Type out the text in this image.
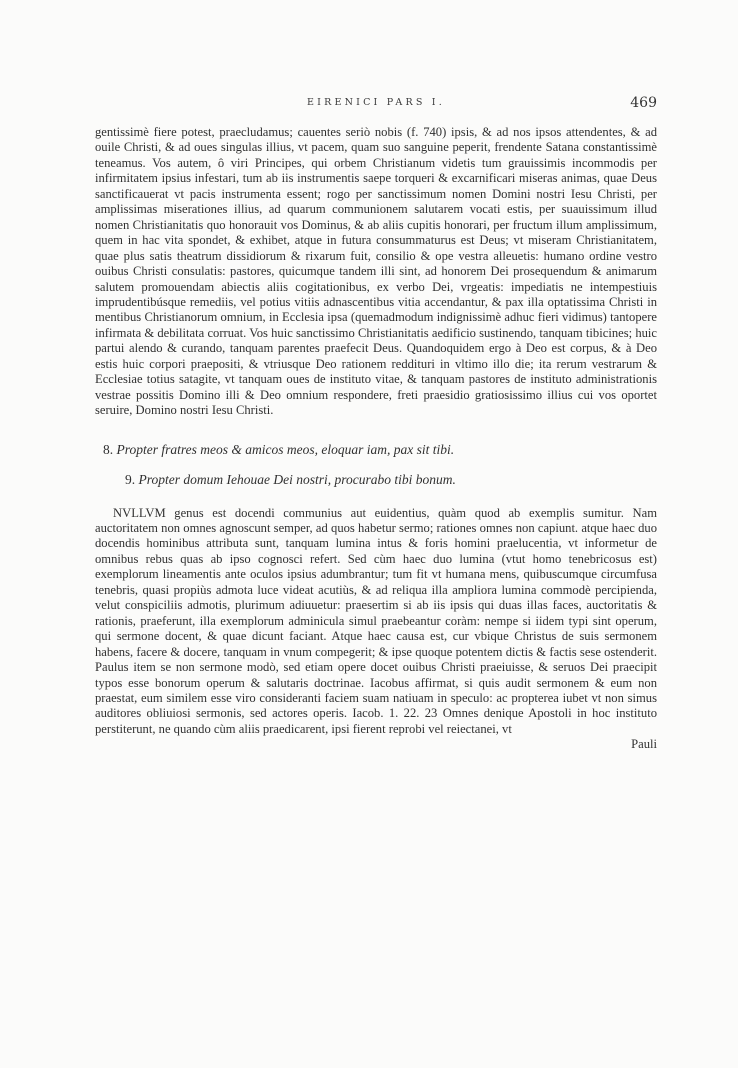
EIRENICI PARS I.	469

gentissimè fiere potest, praecludamus; cauentes seriò nobis (f. 740) ipsis, & ad nos ipsos attendentes, & ad ouile Christi, & ad oues singulas illius, vt pacem, quam suo sanguine peperit, frendente Satana constantissimè teneamus. Vos autem, ô viri Principes, qui orbem Christianum videtis tum grauissimis incommodis per infirmitatem ipsius infestari, tum ab iis instrumentis saepe torqueri & excarnificari miseras animas, quae Deus sanctificauerat vt pacis instrumenta essent; rogo per sanctissimum nomen Domini nostri Iesu Christi, per amplissimas miserationes illius, ad quarum communionem salutarem vocati estis, per suauissimum illud nomen Christianitatis quo honorauit vos Dominus, & ab aliis cupitis honorari, per fructum illum amplissimum, quem in hac vita spondet, & exhibet, atque in futura consummaturus est Deus; vt miseram Christianitatem, quae plus satis theatrum dissidiorum & rixarum fuit, consilio & ope vestra alleuetis: humano ordine vestro ouibus Christi consulatis: pastores, quicumque tandem illi sint, ad honorem Dei prosequendum & animarum salutem promouendam abiectis aliis cogitationibus, ex verbo Dei, vrgeatis: impediatis ne intempestiuis imprudentibúsque remediis, vel potius vitiis adnascentibus vitia accendantur, & pax illa optatissima Christi in mentibus Christianorum omnium, in Ecclesia ipsa (quemadmodum indignissimè adhuc fieri vidimus) tantopere infirmata & debilitata corruat. Vos huic sanctissimo Christianitatis aedificio sustinendo, tanquam tibicines; huic partui alendo & curando, tanquam parentes praefecit Deus. Quandoquidem ergo à Deo est corpus, & à Deo estis huic corpori praepositi, & vtriusque Deo rationem reddituri in vltimo illo die; ita rerum vestrarum & Ecclesiae totius satagite, vt tanquam oues de instituto vitae, & tanquam pastores de instituto administrationis vestrae possitis Domino illi & Deo omnium respondere, freti praesidio gratiosissimo illius cui vos oportet seruire, Domino nostri Iesu Christi.

8. Propter fratres meos & amicos meos, eloquar iam, pax sit tibi.

9. Propter domum Iehouae Dei nostri, procurabo tibi bonum.

NVLLVM genus est docendi communius aut euidentius, quàm quod ab exemplis sumitur. Nam auctoritatem non omnes agnoscunt semper, ad quos habetur sermo; rationes omnes non capiunt. atque haec duo docendis hominibus attributa sunt, tanquam lumina intus & foris homini praelucentia, vt informetur de omnibus rebus quas ab ipso cognosci refert. Sed cùm haec duo lumina (vtut homo tenebricosus est) exemplorum lineamentis ante oculos ipsius adumbrantur; tum fit vt humana mens, quibuscumque circumfusa tenebris, quasi propiùs admota luce videat acutiùs, & ad reliqua illa ampliora lumina commodè percipienda, velut conspiciliis admotis, plurimum adiuuetur: praesertim si ab iis ipsis qui duas illas faces, auctoritatis & rationis, praeferunt, illa exemplorum adminicula simul praebeantur coràm: nempe si iidem typi sint operum, qui sermone docent, & quae dicunt faciant. Atque haec causa est, cur vbique Christus de suis sermonem habens, facere & docere, tanquam in vnum compegerit; & ipse quoque potentem dictis & factis sese ostenderit. Paulus item se non sermone modò, sed etiam opere docet ouibus Christi praeiuisse, & seruos Dei praecipit typos esse bonorum operum & salutaris doctrinae. Iacobus affirmat, si quis audit sermonem & eum non praestat, eum similem esse viro consideranti faciem suam natiuam in speculo: ac propterea iubet vt non simus auditores obliuiosi sermonis, sed actores operis. Iacob. 1. 22. 23 Omnes denique Apostoli in hoc instituto perstiterunt, ne quando cùm aliis praedicarent, ipsi fierent reprobi vel reiectanei, vt

Pauli
